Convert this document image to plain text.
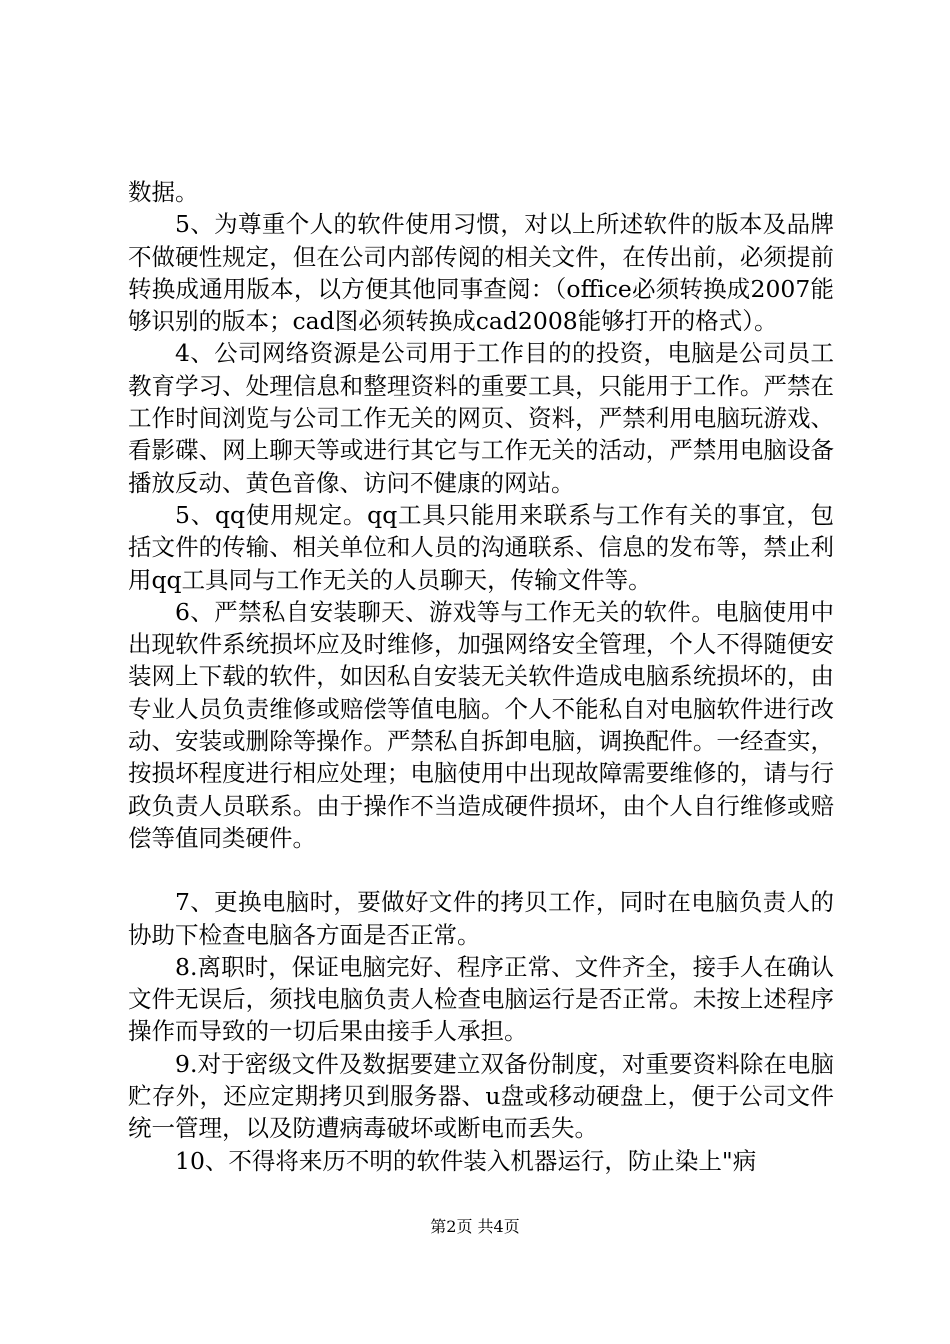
数据。

5、为尊重个人的软件使用习惯，对以上所述软件的版本及品牌不做硬性规定，但在公司内部传阅的相关文件，在传出前，必须提前转换成通用版本，以方便其他同事查阅：（office必须转换成2007能够识别的版本；cad图必须转换成cad2008能够打开的格式）。

4、公司网络资源是公司用于工作目的的投资，电脑是公司员工教育学习、处理信息和整理资料的重要工具，只能用于工作。严禁在工作时间浏览与公司工作无关的网页、资料，严禁利用电脑玩游戏、看影碟、网上聊天等或进行其它与工作无关的活动，严禁用电脑设备播放反动、黄色音像、访问不健康的网站。

5、qq使用规定。qq工具只能用来联系与工作有关的事宜，包括文件的传输、相关单位和人员的沟通联系、信息的发布等，禁止利用qq工具同与工作无关的人员聊天，传输文件等。

6、严禁私自安装聊天、游戏等与工作无关的软件。电脑使用中出现软件系统损坏应及时维修，加强网络安全管理，个人不得随便安装网上下载的软件，如因私自安装无关软件造成电脑系统损坏的，由专业人员负责维修或赔偿等值电脑。个人不能私自对电脑软件进行改动、安装或删除等操作。严禁私自拆卸电脑，调换配件。一经查实，按损坏程度进行相应处理；电脑使用中出现故障需要维修的，请与行政负责人员联系。由于操作不当造成硬件损坏，由个人自行维修或赔偿等值同类硬件。

7、更换电脑时，要做好文件的拷贝工作，同时在电脑负责人的协助下检查电脑各方面是否正常。

8.离职时，保证电脑完好、程序正常、文件齐全，接手人在确认文件无误后，须找电脑负责人检查电脑运行是否正常。未按上述程序操作而导致的一切后果由接手人承担。

9.对于密级文件及数据要建立双备份制度，对重要资料除在电脑贮存外，还应定期拷贝到服务器、u盘或移动硬盘上，便于公司文件统一管理，以及防遭病毒破坏或断电而丢失。

10、不得将来历不明的软件装入机器运行，防止染上"病

第2页 共4页
